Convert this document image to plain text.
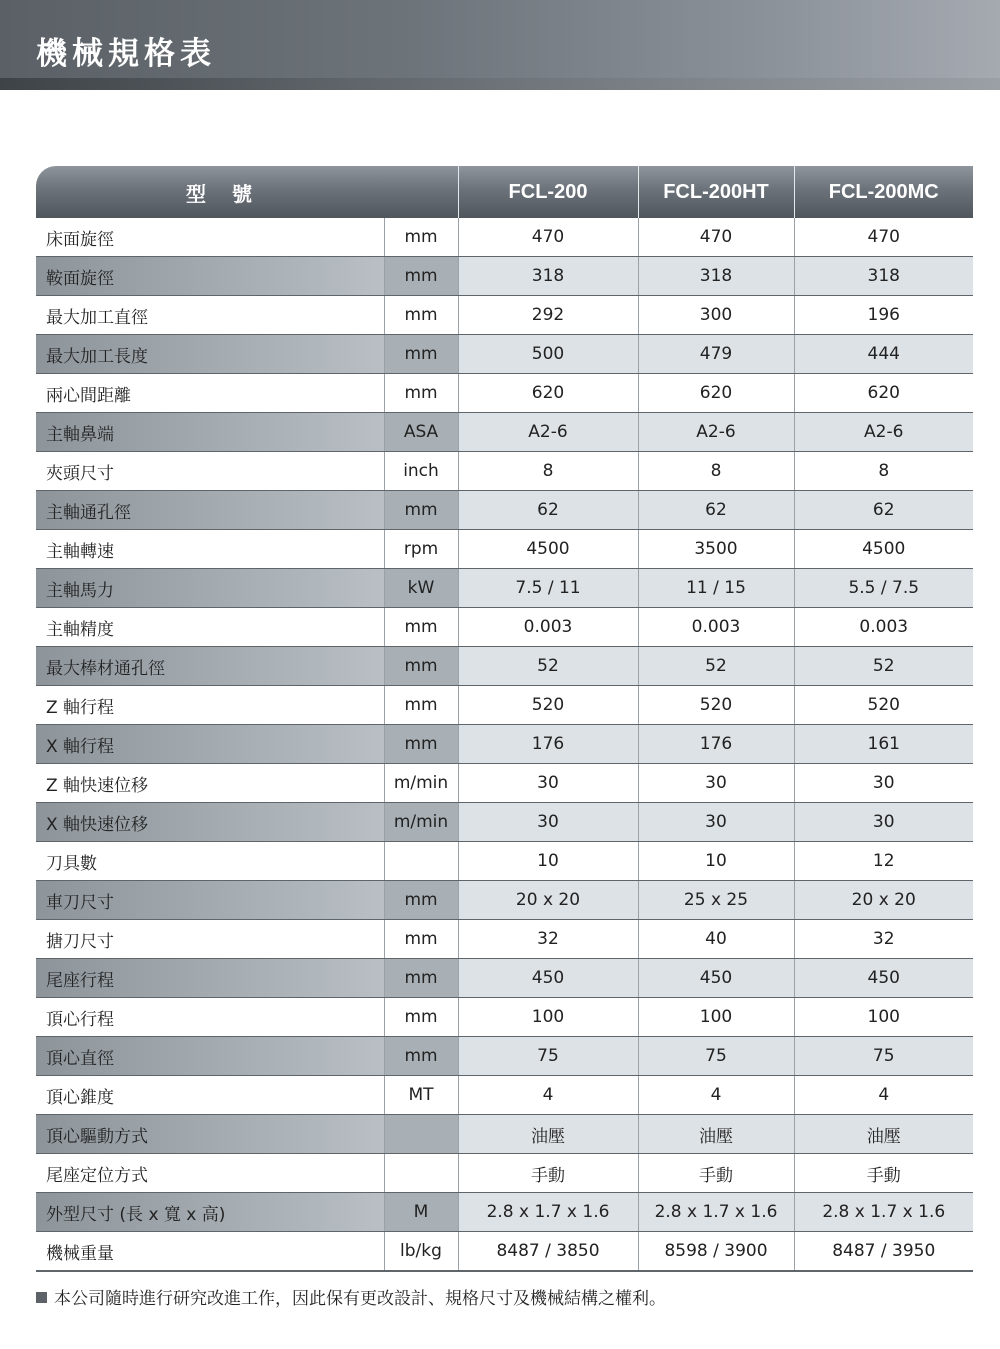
機械規格表
型號		FCL-200	FCL-200HT	FCL-200MC
床面旋徑	mm	470	470	470
鞍面旋徑	mm	318	318	318
最大加工直徑	mm	292	300	196
最大加工長度	mm	500	479	444
兩心間距離	mm	620	620	620
主軸鼻端	ASA	A2-6	A2-6	A2-6
夾頭尺寸	inch	8	8	8
主軸通孔徑	mm	62	62	62
主軸轉速	rpm	4500	3500	4500
主軸馬力	kW	7.5 / 11	11 / 15	5.5 / 7.5
主軸精度	mm	0.003	0.003	0.003
最大棒材通孔徑	mm	52	52	52
Z 軸行程	mm	520	520	520
X 軸行程	mm	176	176	161
Z 軸快速位移	m/min	30	30	30
X 軸快速位移	m/min	30	30	30
刀具數		10	10	12
車刀尺寸	mm	20 x 20	25 x 25	20 x 20
搪刀尺寸	mm	32	40	32
尾座行程	mm	450	450	450
頂心行程	mm	100	100	100
頂心直徑	mm	75	75	75
頂心錐度	MT	4	4	4
頂心驅動方式		油壓	油壓	油壓
尾座定位方式		手動	手動	手動
外型尺寸 (長 x 寬 x 高)	M	2.8 x 1.7 x 1.6	2.8 x 1.7 x 1.6	2.8 x 1.7 x 1.6
機械重量	lb/kg	8487 / 3850	8598 / 3900	8487 / 3950
本公司隨時進行研究改進工作，因此保有更改設計、規格尺寸及機械結構之權利。
